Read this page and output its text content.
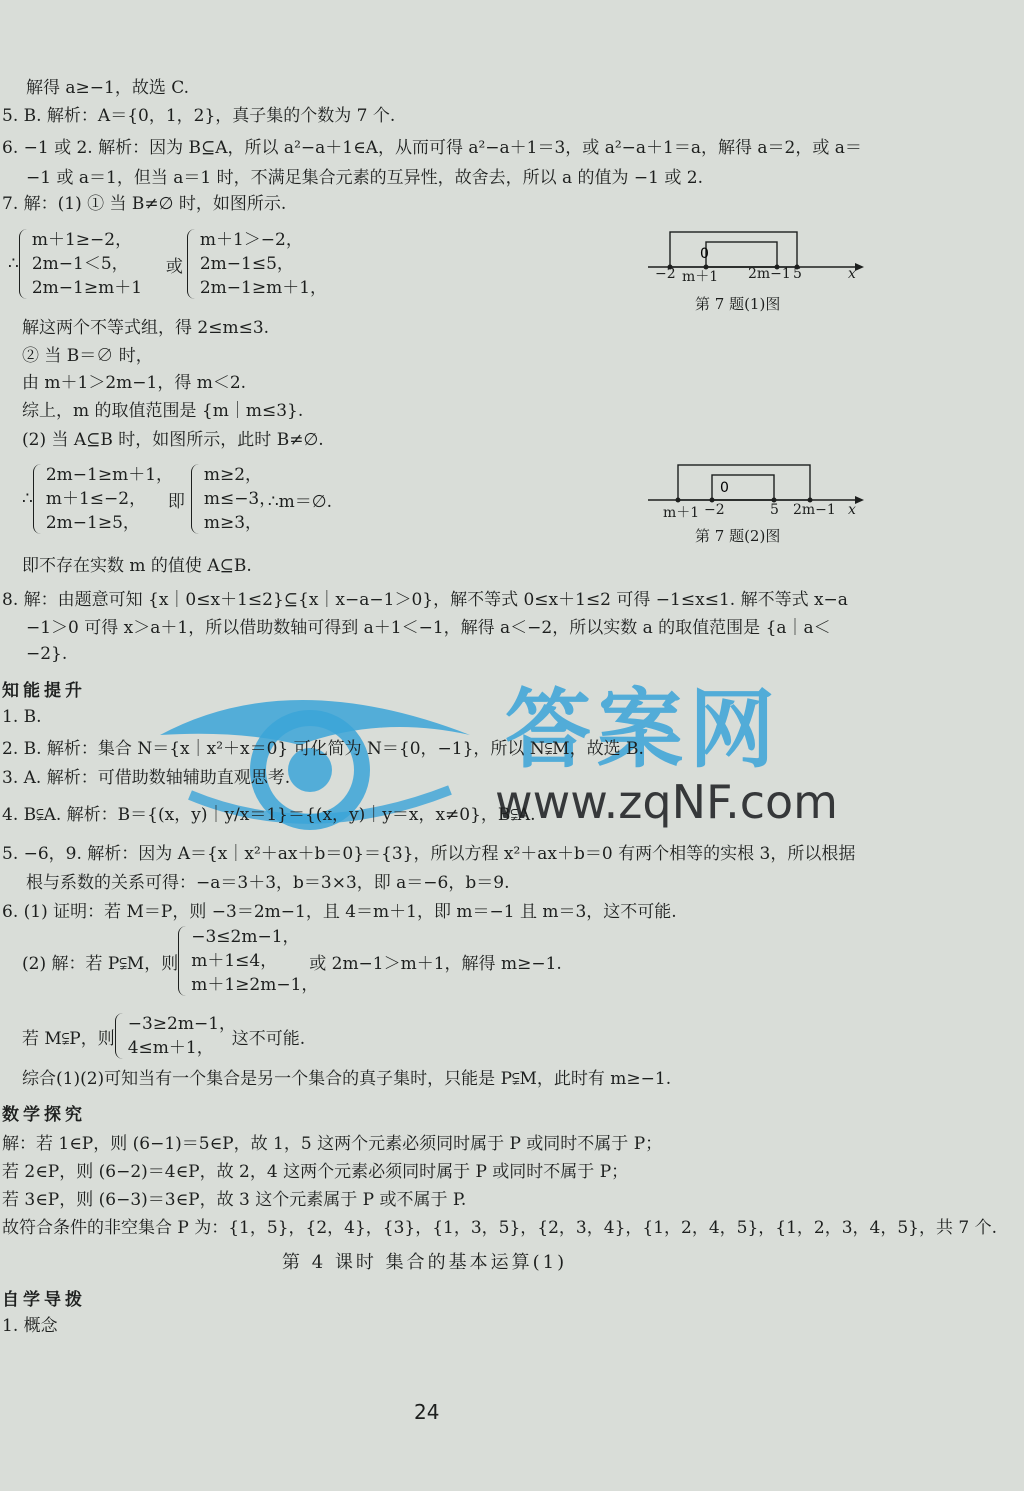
解得 a≥−1，故选 C.
5. B. 解析：A＝{0，1，2}，真子集的个数为 7 个.
6. −1 或 2. 解析：因为 B⊆A，所以 a²−a＋1∈A，从而可得 a²−a＋1＝3，或 a²−a＋1＝a，解得 a＝2，或 a＝
−1 或 a＝1，但当 a＝1 时，不满足集合元素的互异性，故舍去，所以 a 的值为 −1 或 2.
7. 解：(1) ① 当 B≠∅ 时，如图所示.
∴
m＋1≥−2，
2m−1＜5，
2m−1≥m＋1
或
m＋1＞−2，
2m−1≤5，
2m−1≥m＋1，
0
−2 m＋1 2m−1 5	x
第 7 题(1)图
解这两个不等式组，得 2≤m≤3.
② 当 B＝∅ 时，
由 m＋1＞2m−1，得 m＜2.
综上，m 的取值范围是 {m｜m≤3}.
(2) 当 A⊆B 时，如图所示，此时 B≠∅.
∴
2m−1≥m＋1，
m＋1≤−2，
2m−1≥5，
即
m≥2，
m≤−3，
m≥3，
∴m＝∅.
0
m＋1 −2	5 2m−1 x
第 7 题(2)图
即不存在实数 m 的值使 A⊆B.
8. 解：由题意可知 {x｜0≤x＋1≤2}⊆{x｜x−a−1＞0}，解不等式 0≤x＋1≤2 可得 −1≤x≤1. 解不等式 x−a
−1＞0 可得 x＞a＋1，所以借助数轴可得到 a＋1＜−1，解得 a＜−2，所以实数 a 的取值范围是 {a｜a＜
−2}.
知能提升	答案网
www.zqNF.com
1. B.
2. B. 解析：集合 N＝{x｜x²＋x＝0} 可化简为 N＝{0，−1}，所以 N⫋M，故选 B.
3. A. 解析：可借助数轴辅助直观思考.
4. B⫋A. 解析：B＝{(x，y)｜y/x＝1}＝{(x，y)｜y＝x，x≠0}，B⫋A.
5. −6，9. 解析：因为 A＝{x｜x²＋ax＋b＝0}＝{3}，所以方程 x²＋ax＋b＝0 有两个相等的实根 3，所以根据
根与系数的关系可得：−a＝3＋3，b＝3×3，即 a＝−6，b＝9.
6. (1) 证明：若 M＝P，则 −3＝2m−1，且 4＝m＋1，即 m＝−1 且 m＝3，这不可能.
(2) 解：若 P⫋M，则
−3≤2m−1，
m＋1≤4，
m＋1≥2m−1，
或 2m−1＞m＋1，解得 m≥−1.
若 M⫋P，则
−3≥2m−1，
4≤m＋1，	这不可能.
综合(1)(2)可知当有一个集合是另一个集合的真子集时，只能是 P⫋M，此时有 m≥−1.
数学探究
解：若 1∈P，则 (6−1)＝5∈P，故 1，5 这两个元素必须同时属于 P 或同时不属于 P；
若 2∈P，则 (6−2)＝4∈P，故 2，4 这两个元素必须同时属于 P 或同时不属于 P；
若 3∈P，则 (6−3)＝3∈P，故 3 这个元素属于 P 或不属于 P.
故符合条件的非空集合 P 为：{1，5}，{2，4}，{3}，{1，3，5}，{2，3，4}，{1，2，4，5}，{1，2，3，4，5}，共 7 个.
第 4 课时 集合的基本运算(1)
自学导拨
1. 概念
24
